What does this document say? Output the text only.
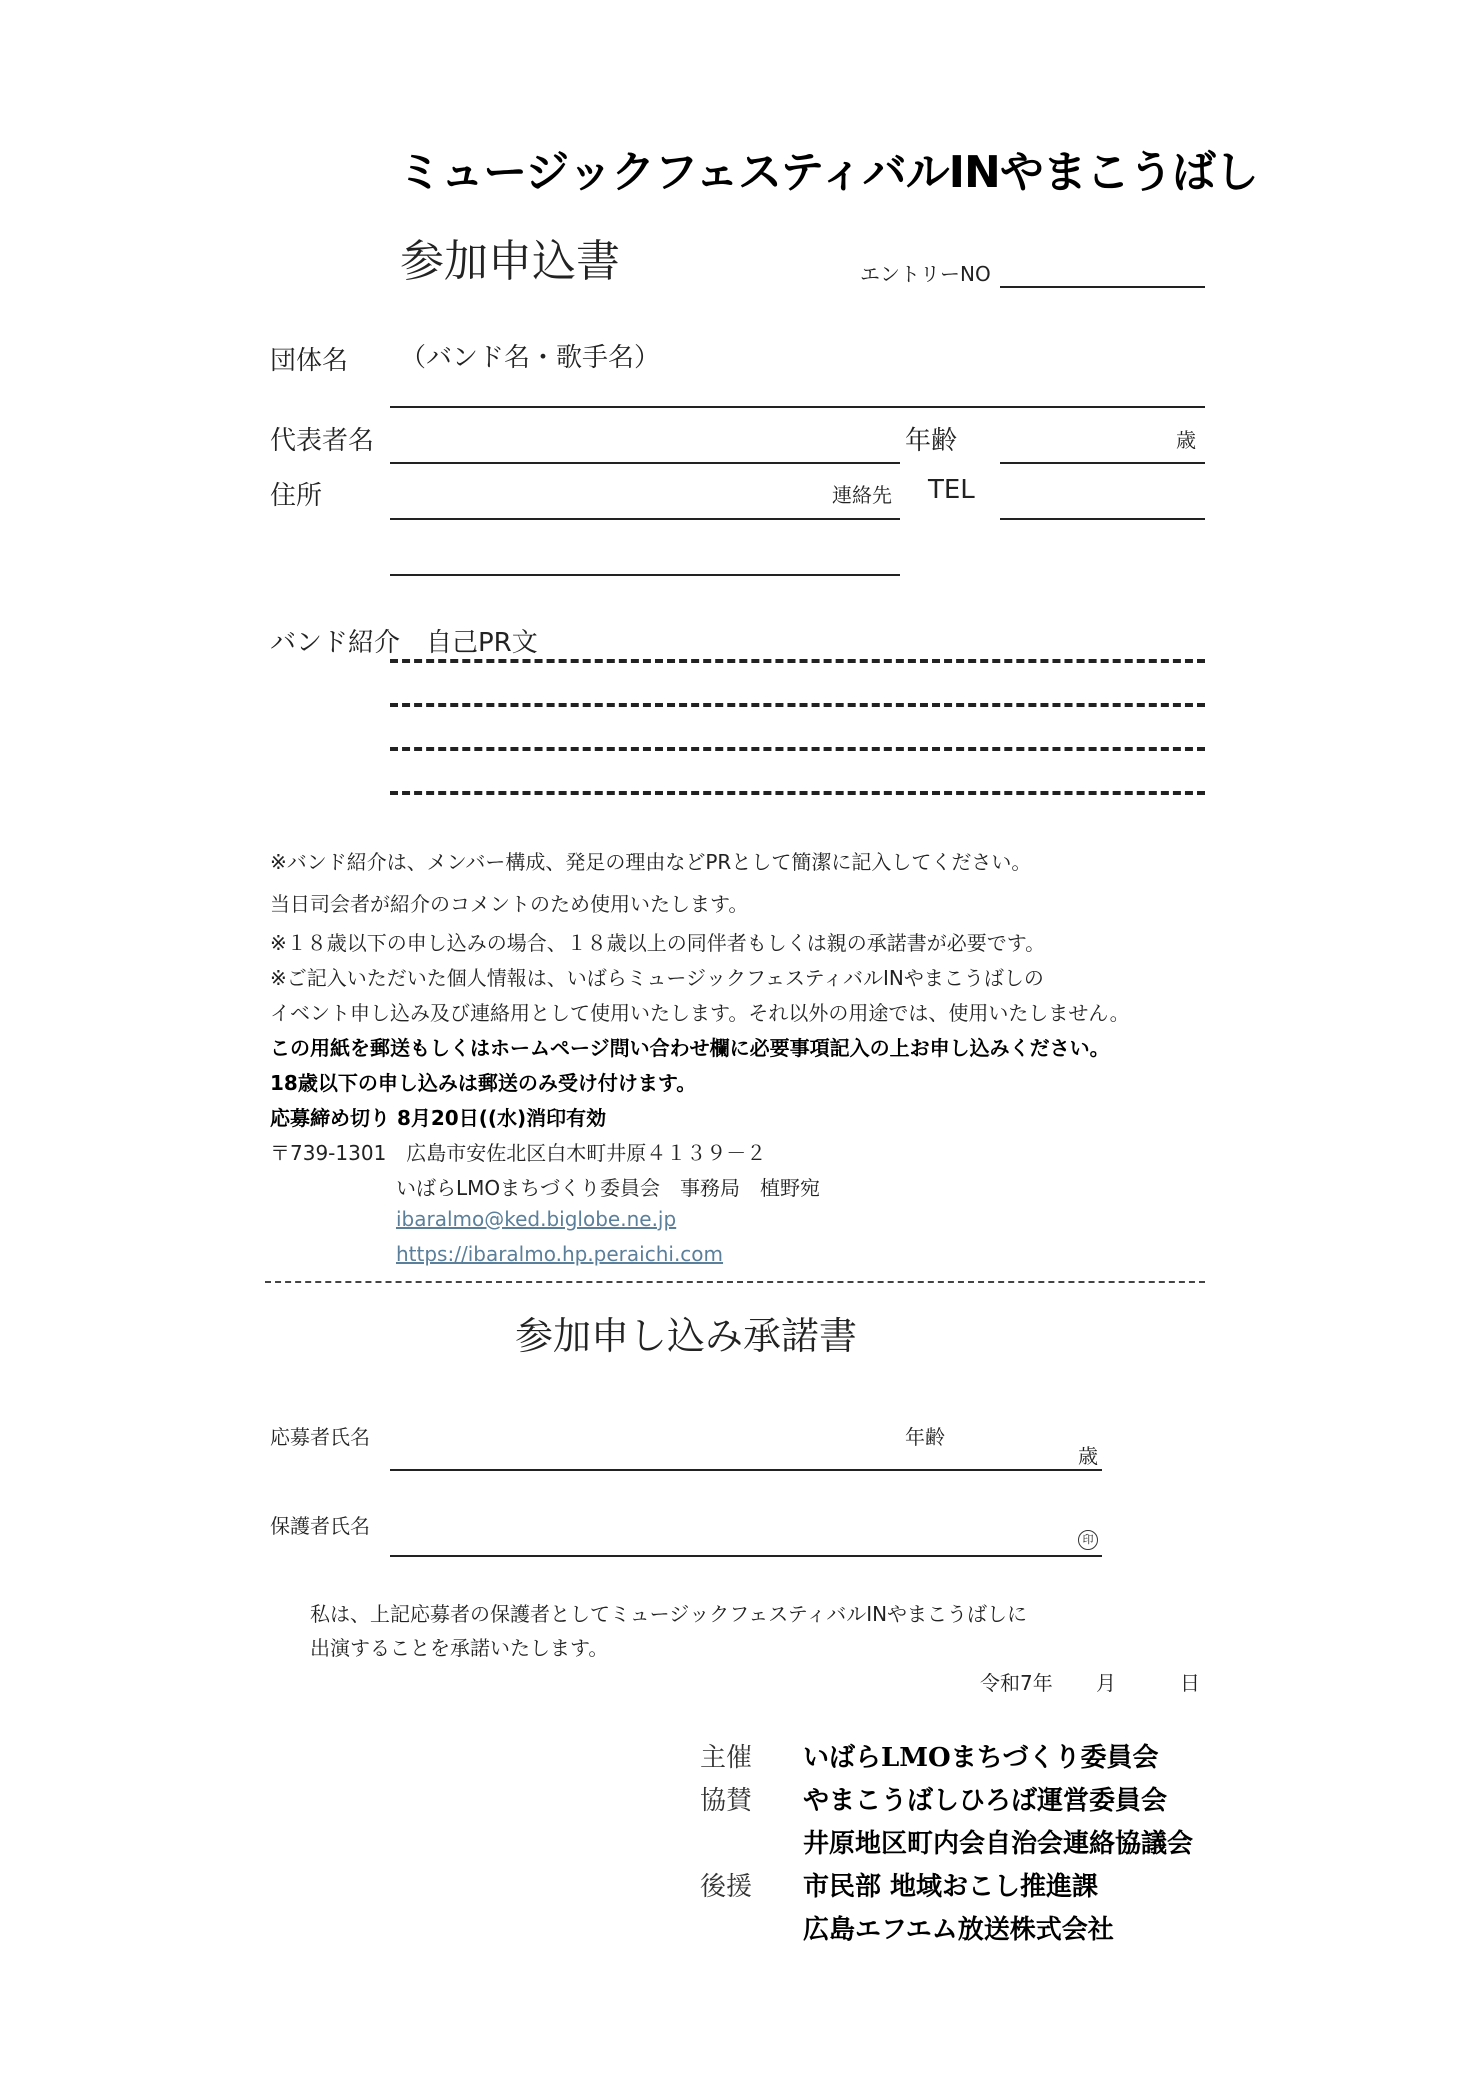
ミュージックフェスティバルINやまこうばし
参加申込書	エントリーNO
団体名 （バンド名・歌手名）
代表者名	年齢	歳
住所	連絡先 TEL
バンド紹介　自己PR文
※バンド紹介は、メンバー構成、発足の理由などPRとして簡潔に記入してください。
当日司会者が紹介のコメントのため使用いたします。
※１８歳以下の申し込みの場合、１８歳以上の同伴者もしくは親の承諾書が必要です。
※ご記入いただいた個人情報は、いばらミュージックフェスティバルINやまこうばしの
イベント申し込み及び連絡用として使用いたします。それ以外の用途では、使用いたしません。
この用紙を郵送もしくはホームページ問い合わせ欄に必要事項記入の上お申し込みください。
18歳以下の申し込みは郵送のみ受け付けます。
応募締め切り 8月20日((水)消印有効
〒739-1301　広島市安佐北区白木町井原４１３９－２
いばらLMOまちづくり委員会　事務局　植野宛
ibaralmo@ked.biglobe.ne.jp
https://ibaralmo.hp.peraichi.com
参加申し込み承諾書
応募者氏名	年齢
歳
保護者氏名
印
私は、上記応募者の保護者としてミュージックフェスティバルINやまこうばしに
出演することを承諾いたします。
令和7年 月	日
主催 いばらLMOまちづくり委員会
協賛 やまこうばしひろば運営委員会
井原地区町内会自治会連絡協議会
後援 市民部 地域おこし推進課
広島エフエム放送株式会社
